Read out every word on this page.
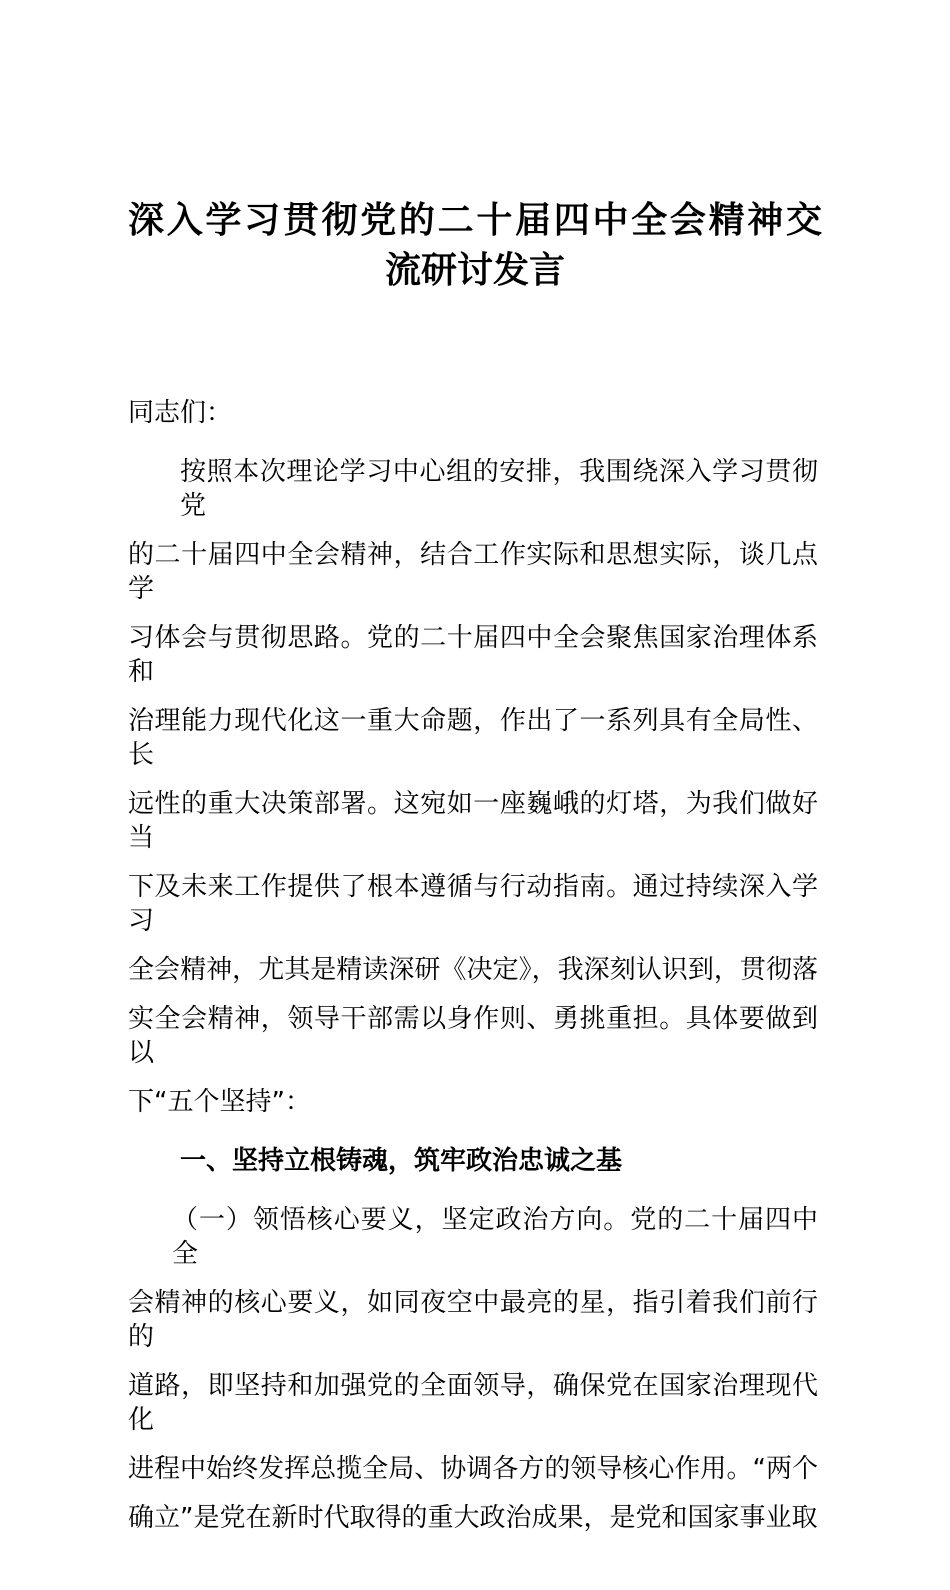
深入学习贯彻党的二十届四中全会精神交
流研讨发言
同志们：
按照本次理论学习中心组的安排，我围绕深入学习贯彻党
的二十届四中全会精神，结合工作实际和思想实际，谈几点学
习体会与贯彻思路。党的二十届四中全会聚焦国家治理体系和
治理能力现代化这一重大命题，作出了一系列具有全局性、长
远性的重大决策部署。这宛如一座巍峨的灯塔，为我们做好当
下及未来工作提供了根本遵循与行动指南。通过持续深入学习
全会精神，尤其是精读深研《决定》，我深刻认识到，贯彻落
实全会精神，领导干部需以身作则、勇挑重担。具体要做到以
下“五个坚持”：
一、坚持立根铸魂，筑牢政治忠诚之基
（一）领悟核心要义，坚定政治方向。党的二十届四中全
会精神的核心要义，如同夜空中最亮的星，指引着我们前行的
道路，即坚持和加强党的全面领导，确保党在国家治理现代化
进程中始终发挥总揽全局、协调各方的领导核心作用。“两个
确立”是党在新时代取得的重大政治成果，是党和国家事业取
